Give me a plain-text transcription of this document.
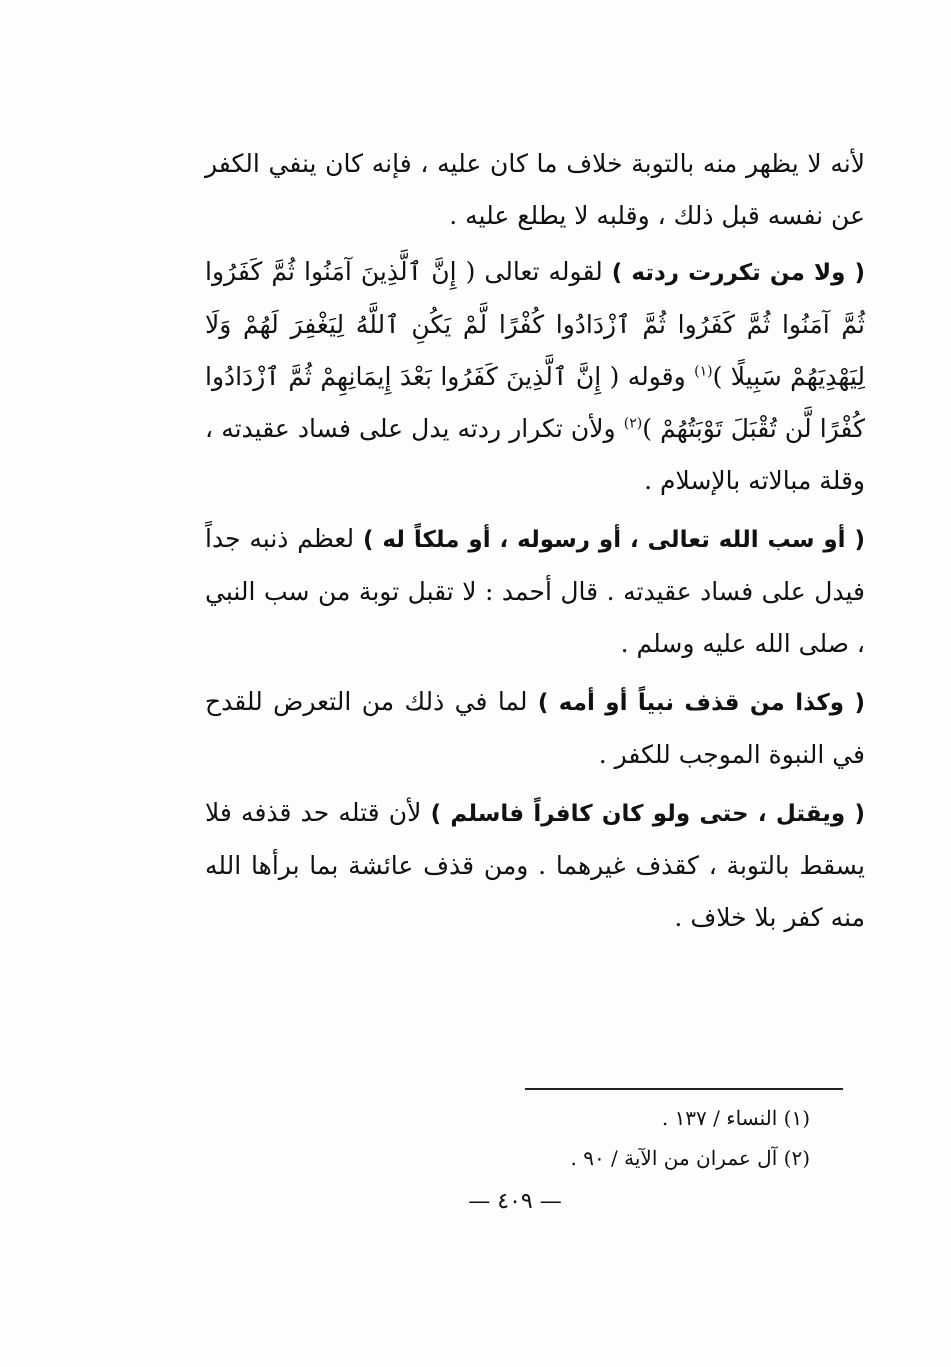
لأنه لا يظهر منه بالتوبة خلاف ما كان عليه ، فإنه كان ينفي الكفر عن نفسه قبل ذلك ، وقلبه لا يطلع عليه .

( ولا من تكررت ردته ) لقوله تعالى ( إِنَّ ٱلَّذِينَ آمَنُوا ثُمَّ كَفَرُوا ثُمَّ آمَنُوا ثُمَّ كَفَرُوا ثُمَّ ٱزْدَادُوا كُفْرًا لَّمْ يَكُنِ ٱللَّهُ لِيَغْفِرَ لَهُمْ وَلَا لِيَهْدِيَهُمْ سَبِيلًا )$^{(١)}$ وقوله ( إِنَّ ٱلَّذِينَ كَفَرُوا بَعْدَ إِيمَانِهِمْ ثُمَّ ٱزْدَادُوا كُفْرًا لَّن تُقْبَلَ تَوْبَتُهُمْ )$^{(٢)}$ ولأن تكرار ردته يدل على فساد عقيدته ، وقلة مبالاته بالإسلام .

( أو سب الله تعالى ، أو رسوله ، أو ملكاً له ) لعظم ذنبه جداً فيدل على فساد عقيدته . قال أحمد : لا تقبل توبة من سب النبي ، صلى الله عليه وسلم .

( وكذا من قذف نبياً أو أمه ) لما في ذلك من التعرض للقدح في النبوة الموجب للكفر .

( ويقتل ، حتى ولو كان كافراً فاسلم ) لأن قتله حد قذفه فلا يسقط بالتوبة ، كقذف غيرهما . ومن قذف عائشة بما برأها الله منه كفر بلا خلاف .

(١) النساء / ١٣٧ .

(٢) آل عمران من الآية / ٩٠ .

— ٤٠٩ —
